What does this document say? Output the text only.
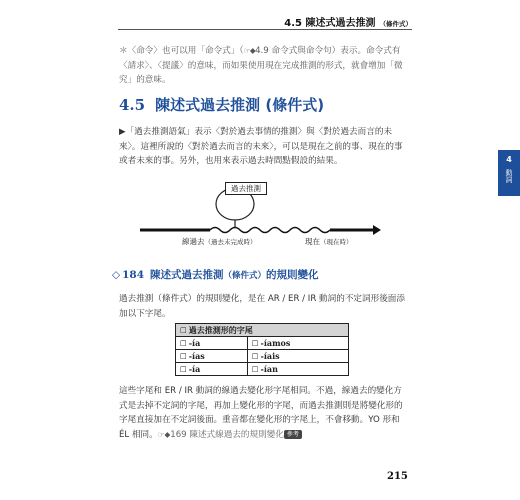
4.5 陳述式過去推測 （條件式）

＊〈命令〉也可以用「命令式」（☞◆4.9 命令式與命令句）表示。命令式有〈請求〉、〈提議〉的意味，而如果使用現在完成推測的形式，就會增加「微究」的意味。

4.5 陳述式過去推測 (條件式)

▶「過去推測語氣」表示〈對於過去事情的推測〉與〈對於過去而言的未來〉。這裡所說的〈對於過去而言的未來〉，可以是現在之前的事、現在的事或者未來的事。另外，也用來表示過去時間點假設的結果。	4
動詞
過去推測
線過去（過去未完成時）	現在（現在時）
◇ 184 陳述式過去推測（條件式）的規則變化

過去推測（條件式）的規則變化，是在 AR / ER / IR 動詞的不定詞形後面添加以下字尾。

☐ 過去推測形的字尾	
☐ -ía	☐ -íamos
☐ -ías	☐ -íais
☐ -ía	☐ -ían

這些字尾和 ER / IR 動詞的線過去變化形字尾相同。不過，線過去的變化方式是去掉不定詞的字尾，再加上變化形的字尾，而過去推測則是將變化形的字尾直接加在不定詞後面。重音都在變化形的字尾上，不會移動。YO 形和 ÉL 相同。☞◆169 陳述式線過去的規則變化 參考

215
